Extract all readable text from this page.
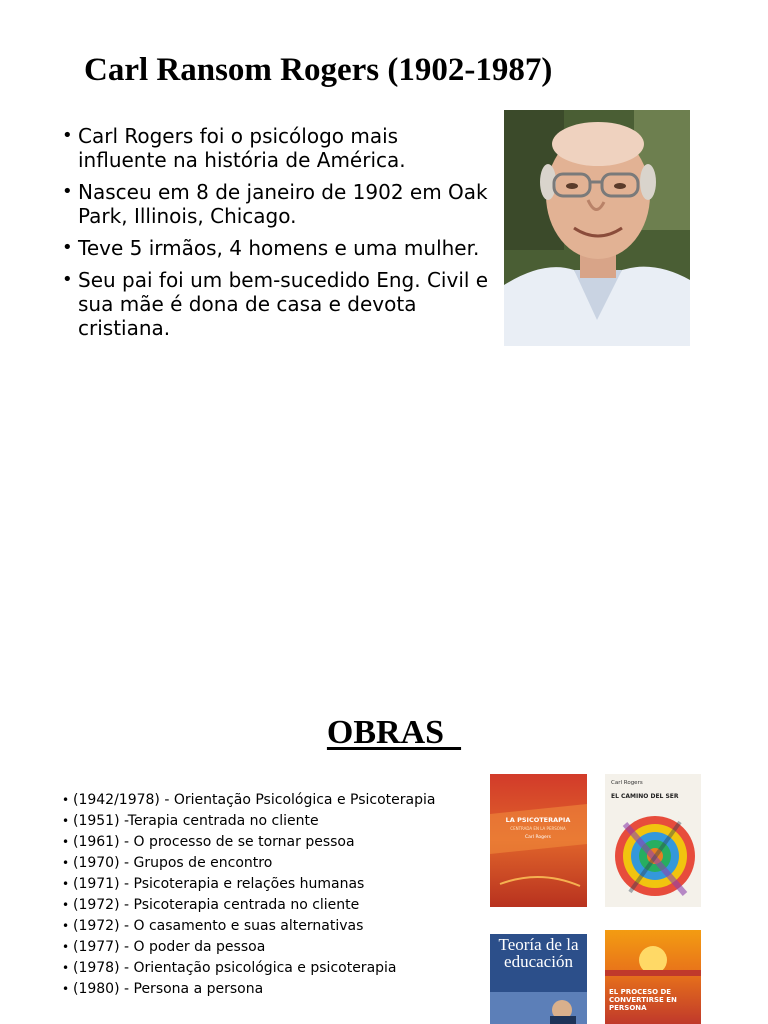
Carl Ransom Rogers (1902-1987)
• Carl Rogers foi o psicólogo mais influente na história de América.
• Nasceu em 8 de janeiro de 1902 em Oak Park, Illinois, Chicago.
• Teve 5 irmãos, 4 homens e uma mulher.
• Seu pai foi um bem-sucedido Eng. Civil e sua mãe é dona de casa e devota cristiana.
OBRAS
• (1942/1978) - Orientação Psicológica e Psicoterapia
• (1951) -Terapia centrada no cliente
• (1961) - O processo de se tornar pessoa
• (1970) - Grupos de encontro
• (1971) - Psicoterapia e relações humanas
• (1972) - Psicoterapia centrada no cliente
• (1972) - O casamento e suas alternativas
• (1977) - O poder da pessoa
• (1978) - Orientação psicológica e psicoterapia
• (1980) - Persona a persona
LA PSICOTERAPIA
CENTRADA EN LA PERSONA
Carl Rogers
Carl Rogers
EL CAMINO DEL SER
Teoría de la educación
EL PROCESO DE CONVERTIRSE EN PERSONA
